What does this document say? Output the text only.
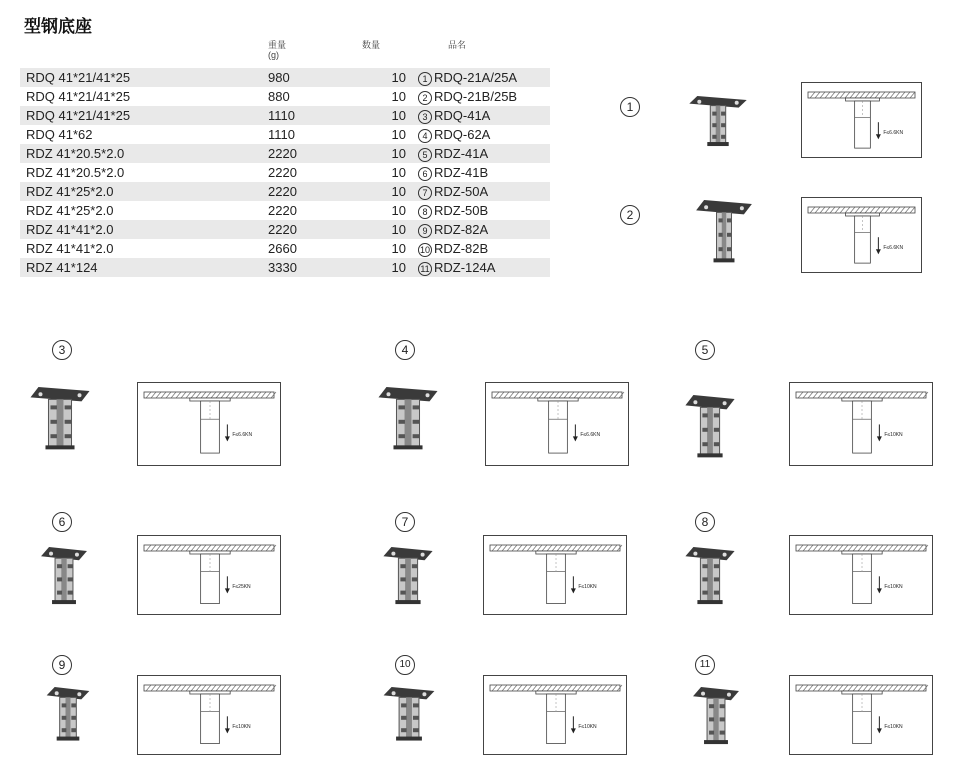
型钢底座
重量
(g)
数量	品名
RDQ 41*21/41*25	980	10	1 RDQ-21A/25A
RDQ 41*21/41*25	880	10	2 RDQ-21B/25B
RDQ 41*21/41*25	1110	10	3 RDQ-41A
RDQ 41*62	1110	10	4 RDQ-62A
RDZ 41*20.5*2.0	2220	10	5 RDZ-41A
RDZ 41*20.5*2.0	2220	10	6 RDZ-41B
RDZ 41*25*2.0	2220	10	7 RDZ-50A
RDZ 41*25*2.0	2220	10	8 RDZ-50B
RDZ 41*41*2.0	2220	10	9 RDZ-82A
RDZ 41*41*2.0	2660	10	10 RDZ-82B
RDZ 41*124	3330	10	11 RDZ-124A
1
F≤6.6KN
2
F≤6.6KN
3
F≤6.6KN
4
F≤6.6KN
5
F≤10KN
6
F≤25KN
7
F≤10KN
8
F≤10KN
9
F≤10KN
10
F≤10KN
11
F≤10KN
